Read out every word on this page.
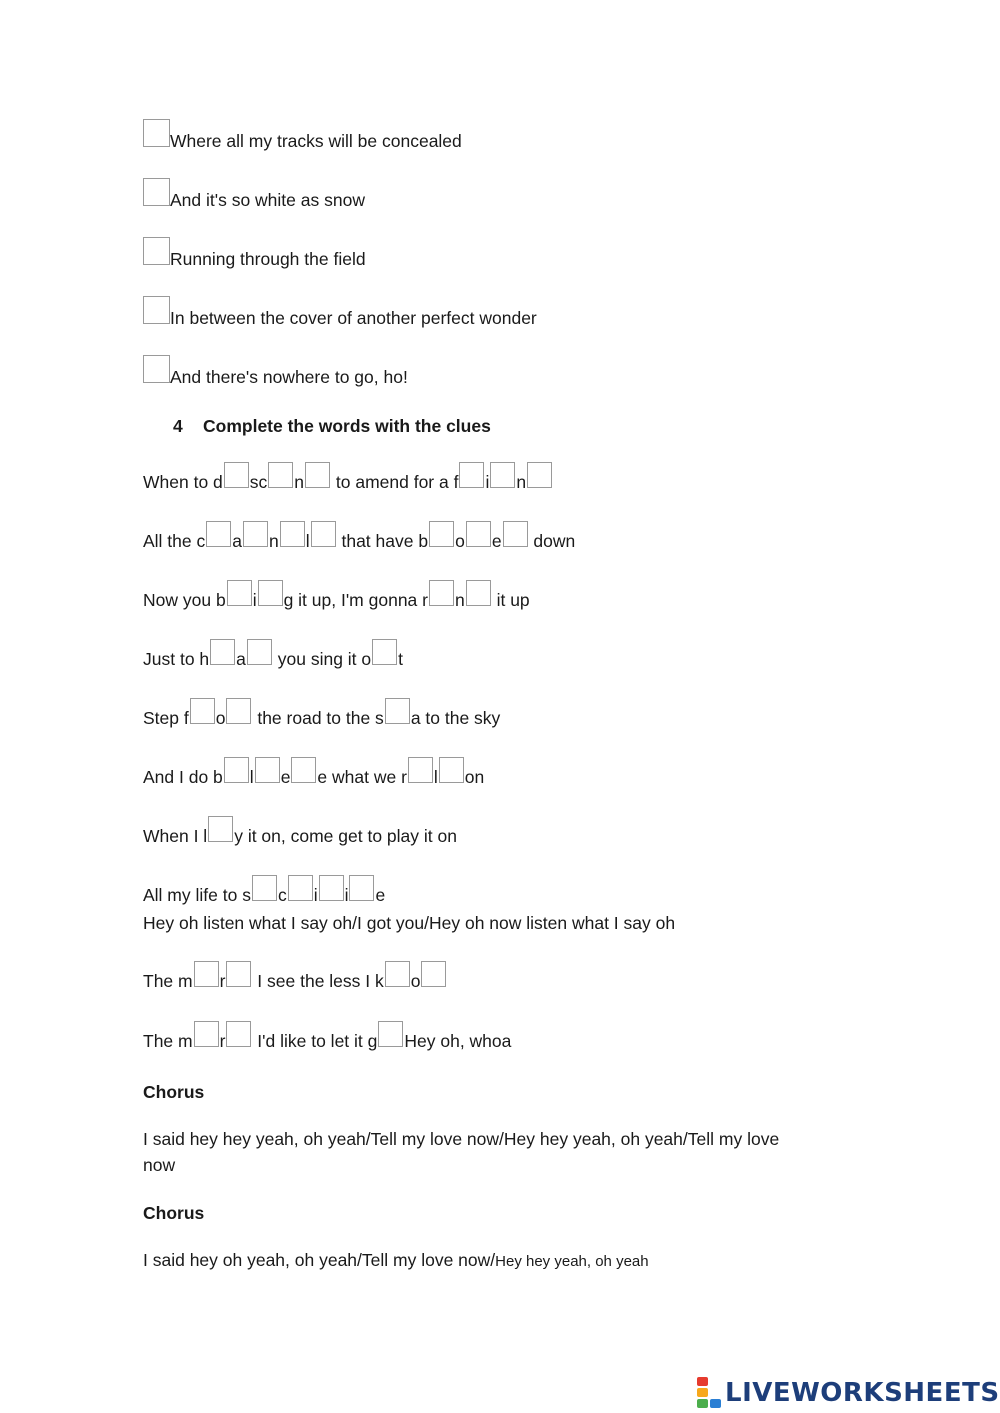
Where all my tracks will be concealed
And it's so white as snow
Running through the field
In between the cover of another perfect wonder
And there's nowhere to go, ho!
4 Complete the words with the clues
When to d sc n to amend for a f i n
All the c a n l that have b o e down
Now you b i g it up, I'm gonna r n it up
Just to h a you sing it o t
Step f o the road to the s a to the sky
And I do b l e e what we r l on
When I l y it on, come get to play it on
All my life to s c i i e
Hey oh listen what I say oh/I got you/Hey oh now listen what I say oh
The m r I see the less I k o
The m r I'd like to let it g Hey oh, whoa
Chorus
I said hey hey yeah, oh yeah/Tell my love now/Hey hey yeah, oh yeah/Tell my love
now
Chorus
I said hey oh yeah, oh yeah/Tell my love now/Hey hey yeah, oh yeah
LIVEWORKSHEETS
